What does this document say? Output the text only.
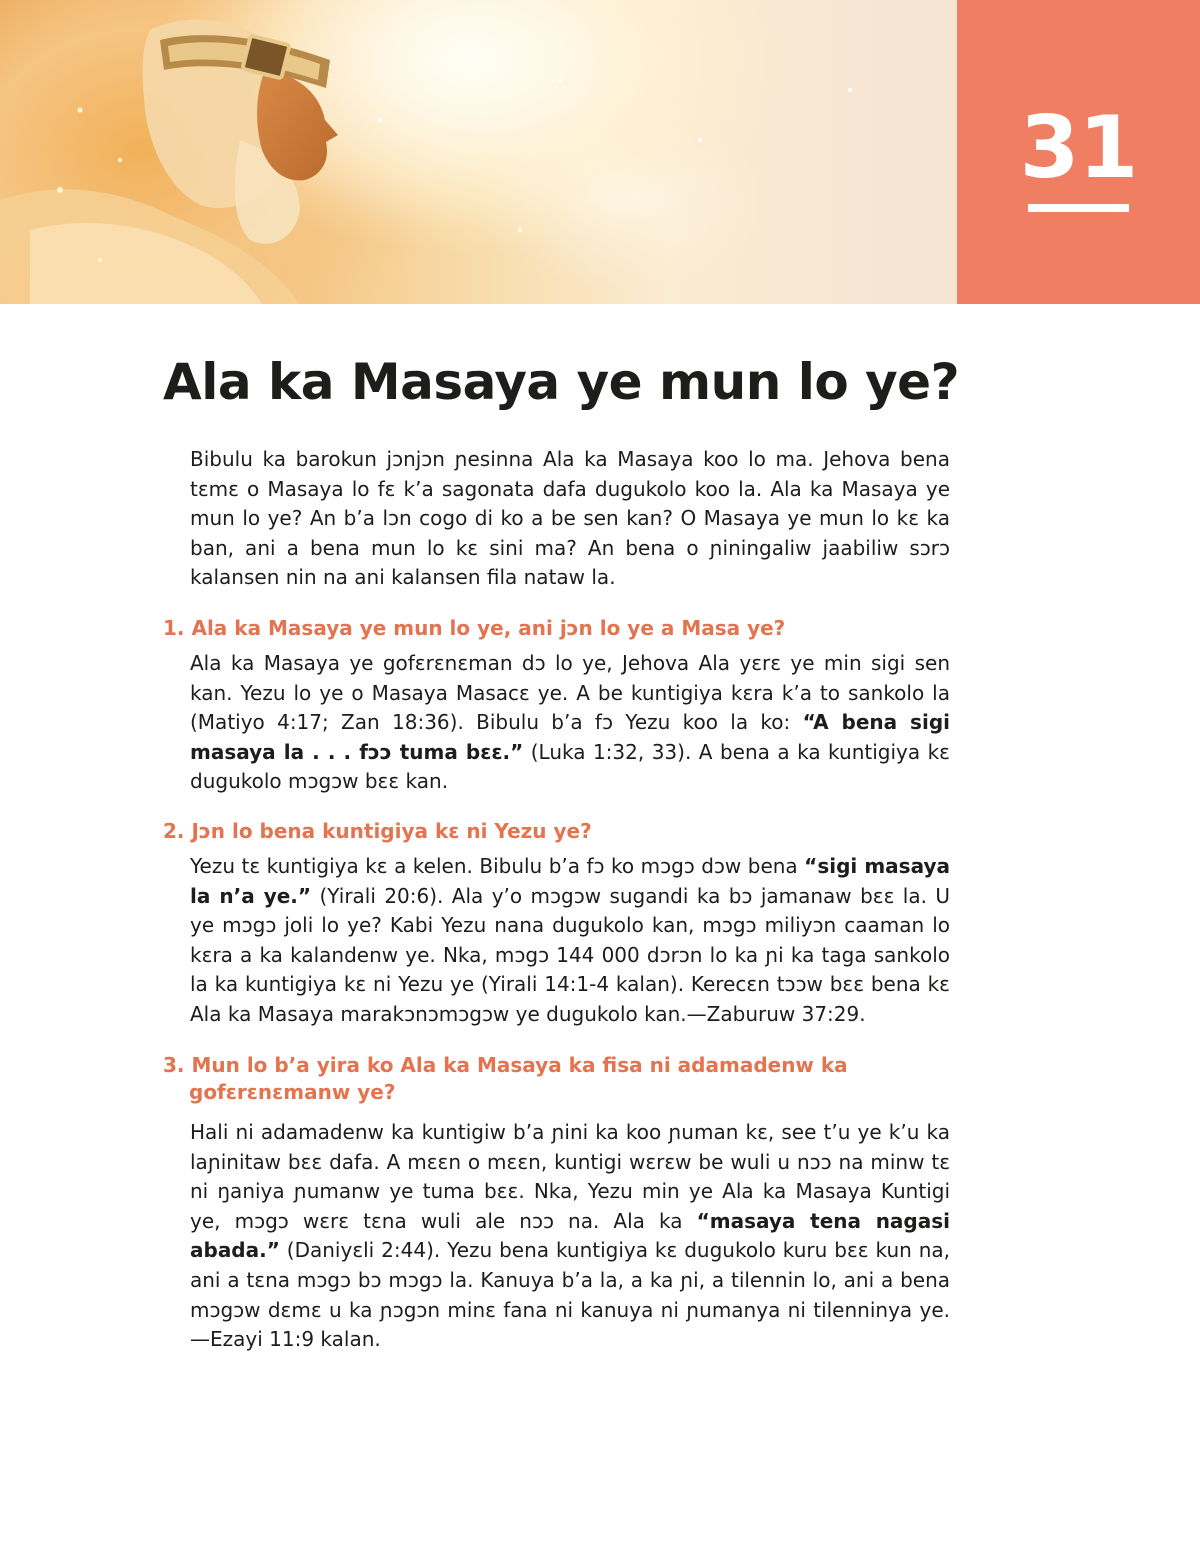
31
Ala ka Masaya ye mun lo ye?

Bibulu ka barokun jɔnjɔn ɲesinna Ala ka Masaya koo lo ma. Jehova bena tɛmɛ o Masaya lo fɛ k’a sagonata dafa dugukolo koo la. Ala ka Masaya ye mun lo ye? An b’a lɔn cogo di ko a be sen kan? O Masaya ye mun lo kɛ ka ban, ani a bena mun lo kɛ sini ma? An bena o ɲiningaliw jaabiliw sɔrɔ kalansen nin na ani kalansen fila nataw la.

1. Ala ka Masaya ye mun lo ye, ani jɔn lo ye a Masa ye?

Ala ka Masaya ye gofɛrɛnɛman dɔ lo ye, Jehova Ala yɛrɛ ye min sigi sen kan. Yezu lo ye o Masaya Masacɛ ye. A be kuntigiya kɛra k’a to sankolo la (Matiyo 4:17; Zan 18:36). Bibulu b’a fɔ Yezu koo la ko: “A bena sigi masaya la . . . fɔɔ tuma bɛɛ.” (Luka 1:32, 33). A bena a ka kuntigiya kɛ dugukolo mɔgɔw bɛɛ kan.

2. Jɔn lo bena kuntigiya kɛ ni Yezu ye?

Yezu tɛ kuntigiya kɛ a kelen. Bibulu b’a fɔ ko mɔgɔ dɔw bena “sigi masaya la n’a ye.” (Yirali 20:6). Ala y’o mɔgɔw sugandi ka bɔ jamanaw bɛɛ la. U ye mɔgɔ joli lo ye? Kabi Yezu nana dugukolo kan, mɔgɔ miliyɔn caaman lo kɛra a ka kalandenw ye. Nka, mɔgɔ 144 000 dɔrɔn lo ka ɲi ka taga sankolo la ka kuntigiya kɛ ni Yezu ye (Yirali 14:1-4 kalan). Kerecɛn tɔɔw bɛɛ bena kɛ Ala ka Masaya marakɔnɔmɔgɔw ye dugukolo kan.—Zaburuw 37:29.

3. Mun lo b’a yira ko Ala ka Masaya ka fisa ni adamadenw ka gofɛrɛnɛmanw ye?

Hali ni adamadenw ka kuntigiw b’a ɲini ka koo ɲuman kɛ, see t’u ye k’u ka laɲinitaw bɛɛ dafa. A mɛɛn o mɛɛn, kuntigi wɛrɛw be wuli u nɔɔ na minw tɛ ni ŋaniya ɲumanw ye tuma bɛɛ. Nka, Yezu min ye Ala ka Masaya Kuntigi ye, mɔgɔ wɛrɛ tɛna wuli ale nɔɔ na. Ala ka “masaya tena nagasi abada.” (Daniyɛli 2:44). Yezu bena kuntigiya kɛ dugukolo kuru bɛɛ kun na, ani a tɛna mɔgɔ bɔ mɔgɔ la. Kanuya b’a la, a ka ɲi, a tilennin lo, ani a bena mɔgɔw dɛmɛ u ka ɲɔgɔn minɛ fana ni kanuya ni ɲumanya ni tilenninya ye. —Ezayi 11:9 kalan.
